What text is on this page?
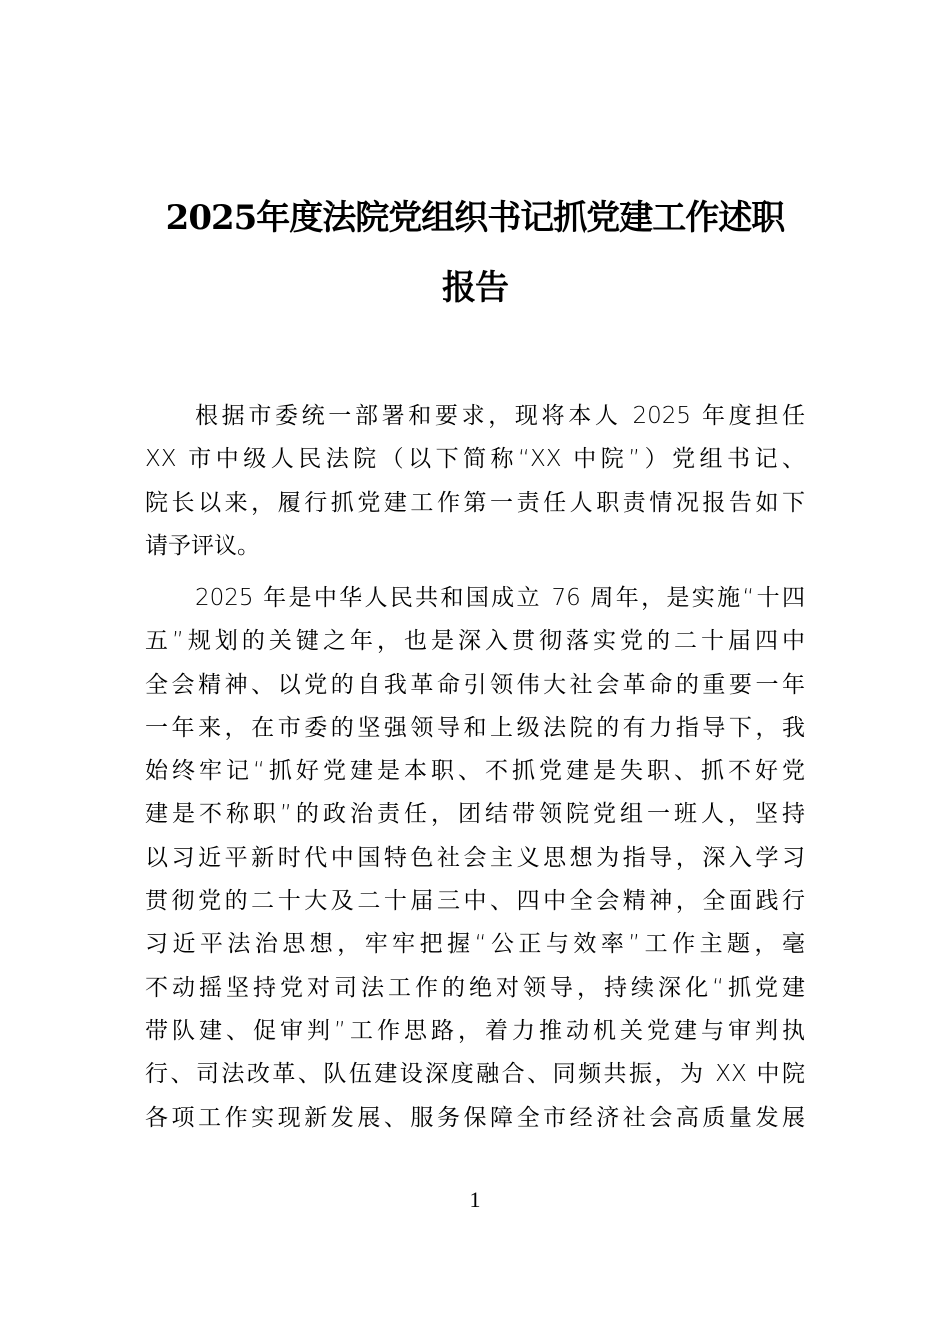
2025年度法院党组织书记抓党建工作述职
报告
根据市委统一部署和要求，现将本人 2025 年度担任
XX 市中级人民法院（以下简称“XX 中院”）党组书记、
院长以来，履行抓党建工作第一责任人职责情况报告如下
请予评议。
2025 年是中华人民共和国成立 76 周年，是实施“十四
五”规划的关键之年，也是深入贯彻落实党的二十届四中
全会精神、以党的自我革命引领伟大社会革命的重要一年
一年来，在市委的坚强领导和上级法院的有力指导下，我
始终牢记“抓好党建是本职、不抓党建是失职、抓不好党
建是不称职”的政治责任，团结带领院党组一班人，坚持
以习近平新时代中国特色社会主义思想为指导，深入学习
贯彻党的二十大及二十届三中、四中全会精神，全面践行
习近平法治思想，牢牢把握“公正与效率”工作主题，毫
不动摇坚持党对司法工作的绝对领导，持续深化“抓党建
带队建、促审判”工作思路，着力推动机关党建与审判执
行、司法改革、队伍建设深度融合、同频共振，为 XX 中院
各项工作实现新发展、服务保障全市经济社会高质量发展
1
